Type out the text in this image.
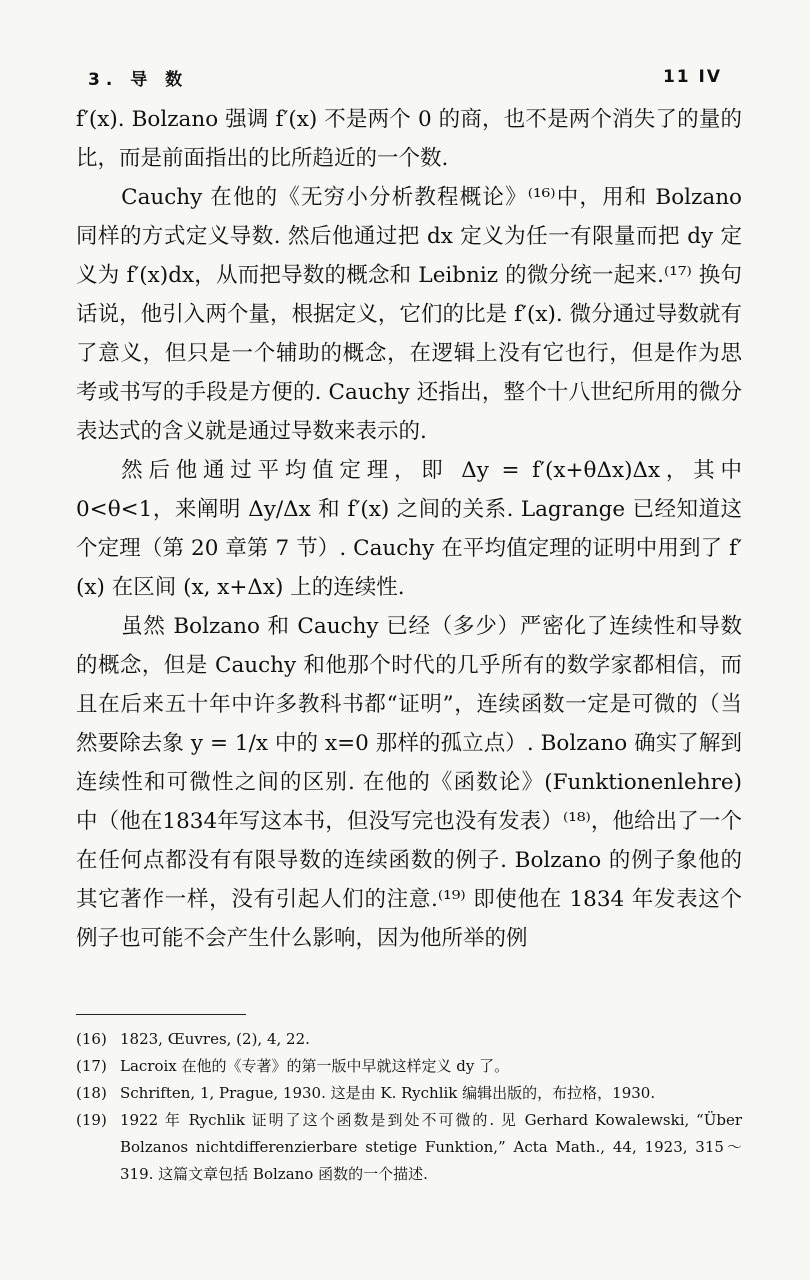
3. 导 数	11 IV

f′(x). Bolzano 强调 f′(x) 不是两个 0 的商，也不是两个消失了的量的比，而是前面指出的比所趋近的一个数.

Cauchy 在他的《无穷小分析教程概论》⁽¹⁶⁾中，用和 Bolzano 同样的方式定义导数. 然后他通过把 dx 定义为任一有限量而把 dy 定义为 f′(x)dx，从而把导数的概念和 Leibniz 的微分统一起来.⁽¹⁷⁾ 换句话说，他引入两个量，根据定义，它们的比是 f′(x). 微分通过导数就有了意义，但只是一个辅助的概念，在逻辑上没有它也行，但是作为思考或书写的手段是方便的. Cauchy 还指出，整个十八世纪所用的微分表达式的含义就是通过导数来表示的.

然后他通过平均值定理，即 Δy = f′(x+θΔx)Δx，其中 0<θ<1，来阐明 Δy/Δx 和 f′(x) 之间的关系. Lagrange 已经知道这个定理（第 20 章第 7 节）. Cauchy 在平均值定理的证明中用到了 f′(x) 在区间 (x, x+Δx) 上的连续性.

虽然 Bolzano 和 Cauchy 已经（多少）严密化了连续性和导数的概念，但是 Cauchy 和他那个时代的几乎所有的数学家都相信，而且在后来五十年中许多教科书都“证明”，连续函数一定是可微的（当然要除去象 y = 1/x 中的 x=0 那样的孤立点）. Bolzano 确实了解到连续性和可微性之间的区别. 在他的《函数论》(Funktionenlehre) 中（他在1834年写这本书，但没写完也没有发表）⁽¹⁸⁾，他给出了一个在任何点都没有有限导数的连续函数的例子. Bolzano 的例子象他的其它著作一样，没有引起人们的注意.⁽¹⁹⁾ 即使他在 1834 年发表这个例子也可能不会产生什么影响，因为他所举的例

(16) 1823, Œuvres, (2), 4, 22.
(17) Lacroix 在他的《专著》的第一版中早就这样定义 dy 了。
(18) Schriften, 1, Prague, 1930. 这是由 K. Rychlik 编辑出版的，布拉格，1930.
(19) 1922 年 Rychlik 证明了这个函数是到处不可微的. 见 Gerhard Kowalewski, “Über Bolzanos nichtdifferenzierbare stetige Funktion,” Acta Math., 44, 1923, 315～319. 这篇文章包括 Bolzano 函数的一个描述.
